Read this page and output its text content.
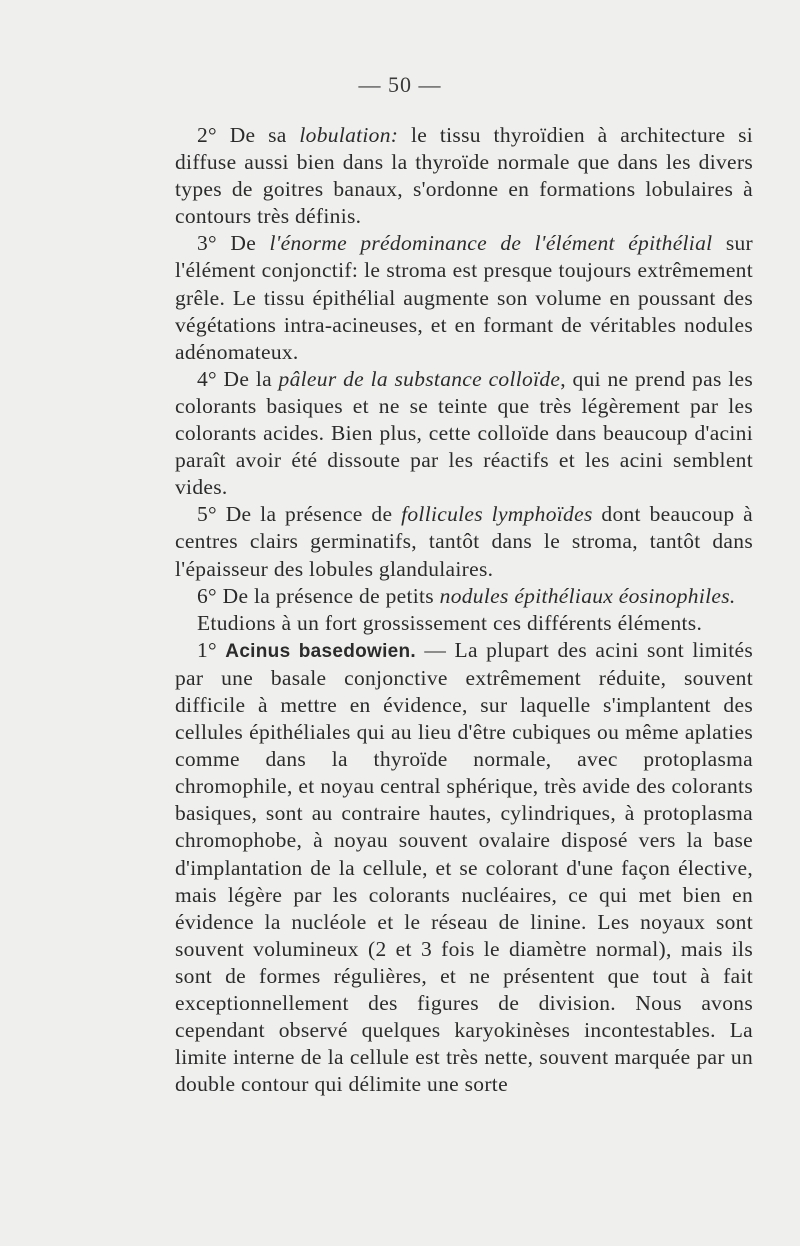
— 50 —

2° De sa lobulation: le tissu thyroïdien à architecture si diffuse aussi bien dans la thyroïde normale que dans les divers types de goitres banaux, s'ordonne en formations lobulaires à contours très définis.

3° De l'énorme prédominance de l'élément épithélial sur l'élément conjonctif: le stroma est presque toujours extrêmement grêle. Le tissu épithélial augmente son volume en poussant des végétations intra-acineuses, et en formant de véritables nodules adénomateux.

4° De la pâleur de la substance colloïde, qui ne prend pas les colorants basiques et ne se teinte que très légèrement par les colorants acides. Bien plus, cette colloïde dans beaucoup d'acini paraît avoir été dissoute par les réactifs et les acini semblent vides.

5° De la présence de follicules lymphoïdes dont beaucoup à centres clairs germinatifs, tantôt dans le stroma, tantôt dans l'épaisseur des lobules glandulaires.

6° De la présence de petits nodules épithéliaux éosinophiles.

Etudions à un fort grossissement ces différents éléments.

1° Acinus basedowien. — La plupart des acini sont limités par une basale conjonctive extrêmement réduite, souvent difficile à mettre en évidence, sur laquelle s'implantent des cellules épithéliales qui au lieu d'être cubiques ou même aplaties comme dans la thyroïde normale, avec protoplasma chromophile, et noyau central sphérique, très avide des colorants basiques, sont au contraire hautes, cylindriques, à protoplasma chromophobe, à noyau souvent ovalaire disposé vers la base d'implantation de la cellule, et se colorant d'une façon élective, mais légère par les colorants nucléaires, ce qui met bien en évidence la nucléole et le réseau de linine. Les noyaux sont souvent volumineux (2 et 3 fois le diamètre normal), mais ils sont de formes régulières, et ne présentent que tout à fait exceptionnellement des figures de division. Nous avons cependant observé quelques karyokinèses incontestables. La limite interne de la cellule est très nette, souvent marquée par un double contour qui délimite une sorte
